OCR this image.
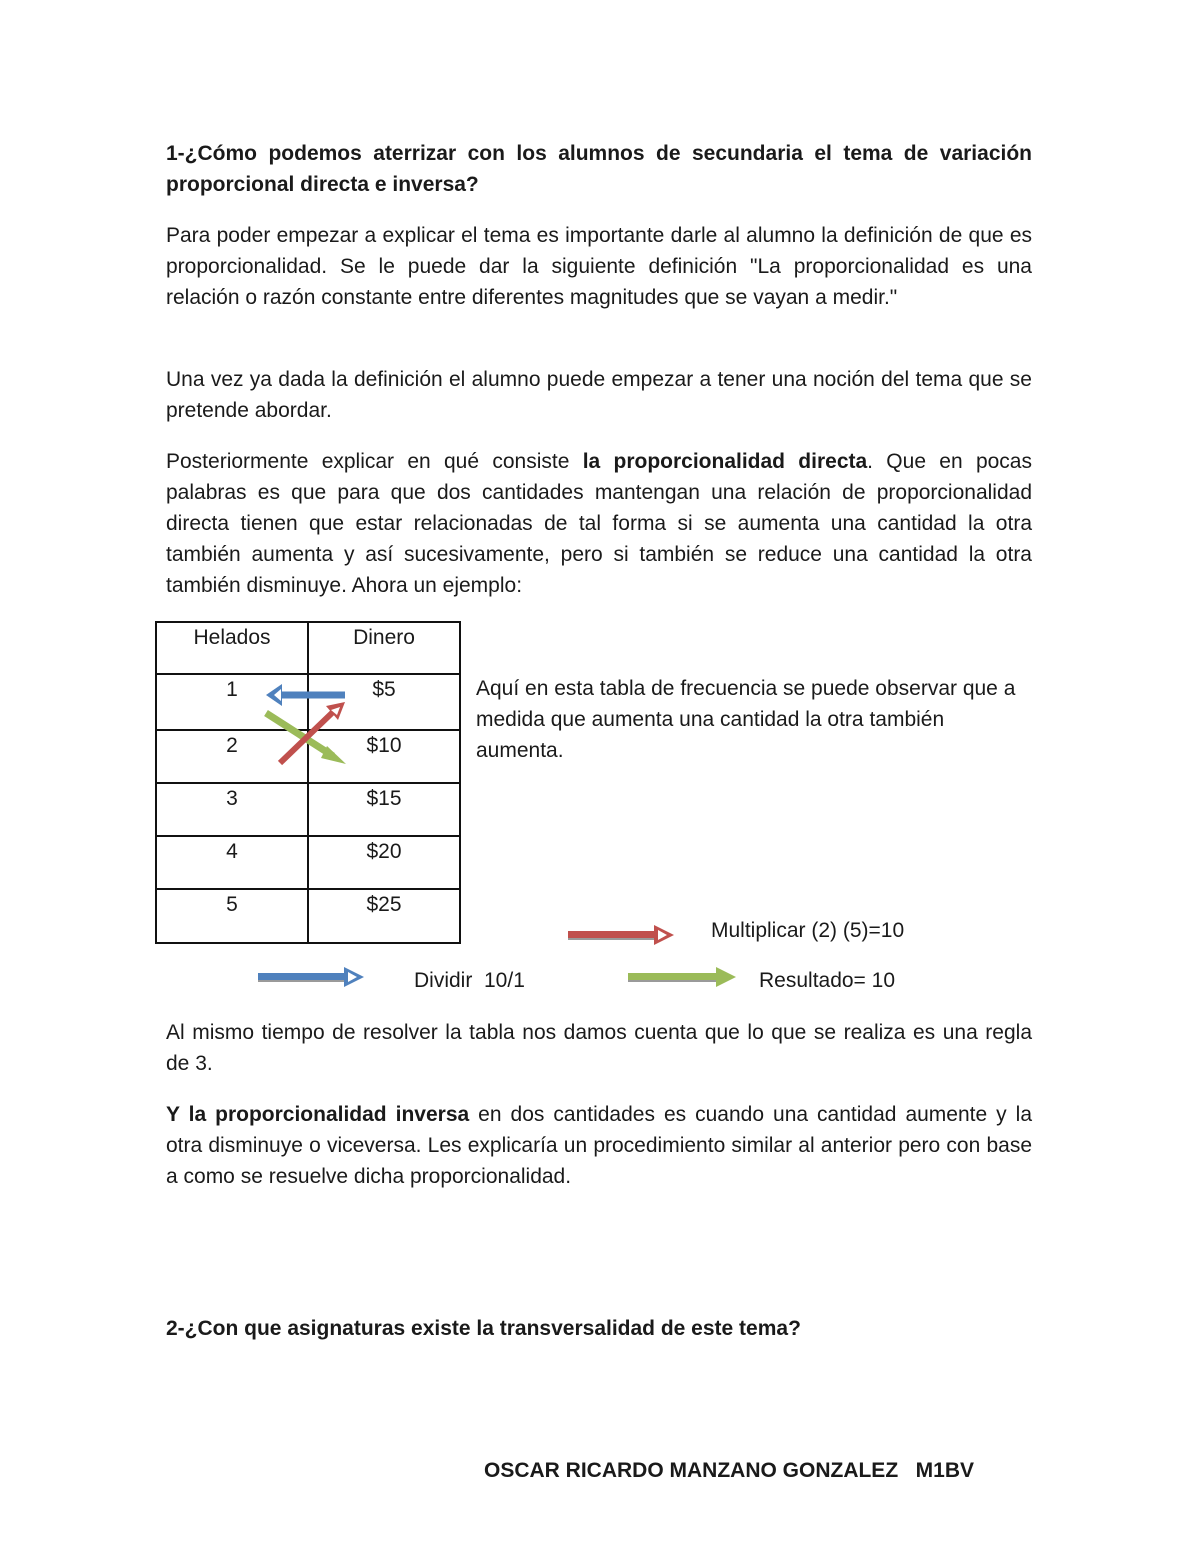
1-¿Cómo podemos aterrizar con los alumnos de secundaria el tema de variación proporcional directa e inversa?

Para poder empezar a explicar el tema es importante darle al alumno la definición de que es proporcionalidad. Se le puede dar la siguiente definición "La proporcionalidad es una relación o razón constante entre diferentes magnitudes que se vayan a medir."

Una vez ya dada la definición el alumno puede empezar a tener una noción del tema que se pretende abordar.

Posteriormente explicar en qué consiste la proporcionalidad directa. Que en pocas palabras es que para que dos cantidades mantengan una relación de proporcionalidad directa tienen que estar relacionadas de tal forma si se aumenta una cantidad la otra también aumenta y así sucesivamente, pero si también se reduce una cantidad la otra también disminuye. Ahora un ejemplo:

Helados	Dinero
1	$5
2	$10
3	$15
4	$20
5	$25

Aquí en esta tabla de frecuencia se puede observar que a medida que aumenta una cantidad la otra también aumenta.

Multiplicar (2) (5)=10
Dividir  10/1	Resultado= 10

Al mismo tiempo de resolver la tabla nos damos cuenta que lo que se realiza es una regla de 3.

Y la proporcionalidad inversa en dos cantidades es cuando una cantidad aumente y la otra disminuye o viceversa. Les explicaría un procedimiento similar al anterior pero con base a como se resuelve dicha proporcionalidad.

2-¿Con que asignaturas existe la transversalidad de este tema?

OSCAR RICARDO MANZANO GONZALEZ   M1BV
